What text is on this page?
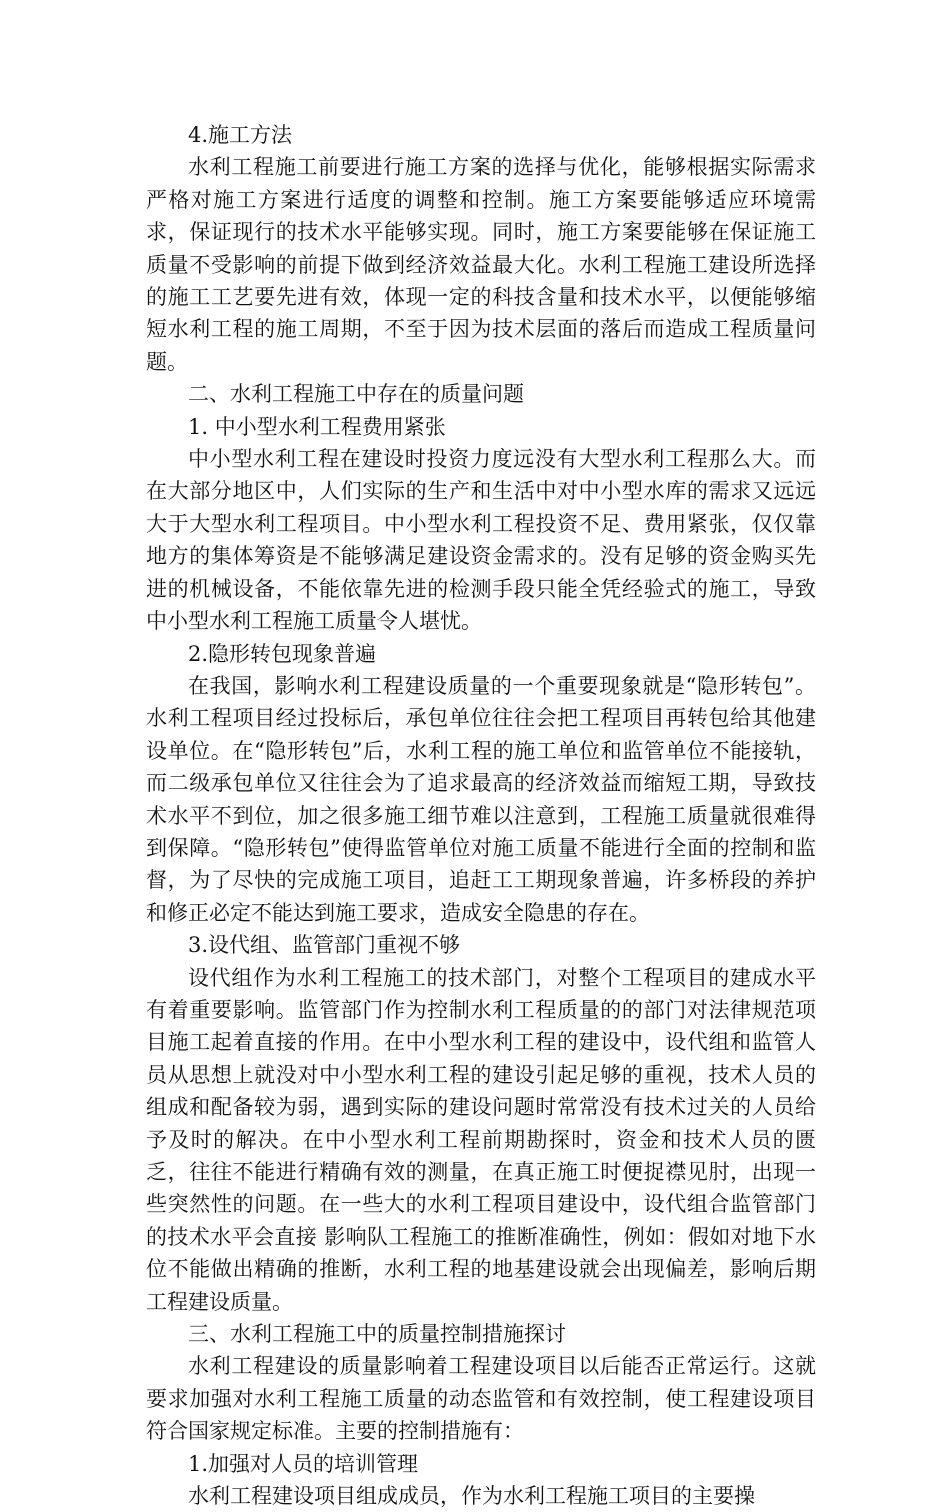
4.施工方法

水利工程施工前要进行施工方案的选择与优化，能够根据实际需求严格对施工方案进行适度的调整和控制。施工方案要能够适应环境需求，保证现行的技术水平能够实现。同时，施工方案要能够在保证施工质量不受影响的前提下做到经济效益最大化。水利工程施工建设所选择的施工工艺要先进有效，体现一定的科技含量和技术水平，以便能够缩短水利工程的施工周期，不至于因为技术层面的落后而造成工程质量问题。

二、水利工程施工中存在的质量问题

1. 中小型水利工程费用紧张

中小型水利工程在建设时投资力度远没有大型水利工程那么大。而在大部分地区中，人们实际的生产和生活中对中小型水库的需求又远远大于大型水利工程项目。中小型水利工程投资不足、费用紧张，仅仅靠地方的集体筹资是不能够满足建设资金需求的。没有足够的资金购买先进的机械设备，不能依靠先进的检测手段只能全凭经验式的施工，导致中小型水利工程施工质量令人堪忧。

2.隐形转包现象普遍

在我国，影响水利工程建设质量的一个重要现象就是“隐形转包”。水利工程项目经过投标后，承包单位往往会把工程项目再转包给其他建设单位。在“隐形转包”后，水利工程的施工单位和监管单位不能接轨，而二级承包单位又往往会为了追求最高的经济效益而缩短工期，导致技术水平不到位，加之很多施工细节难以注意到，工程施工质量就很难得到保障。“隐形转包”使得监管单位对施工质量不能进行全面的控制和监督，为了尽快的完成施工项目，追赶工工期现象普遍，许多桥段的养护和修正必定不能达到施工要求，造成安全隐患的存在。

3.设代组、监管部门重视不够

设代组作为水利工程施工的技术部门，对整个工程项目的建成水平有着重要影响。监管部门作为控制水利工程质量的的部门对法律规范项目施工起着直接的作用。在中小型水利工程的建设中，设代组和监管人员从思想上就没对中小型水利工程的建设引起足够的重视，技术人员的组成和配备较为弱，遇到实际的建设问题时常常没有技术过关的人员给予及时的解决。在中小型水利工程前期勘探时，资金和技术人员的匮乏，往往不能进行精确有效的测量，在真正施工时便捉襟见肘，出现一些突然性的问题。在一些大的水利工程项目建设中，设代组合监管部门的技术水平会直接 影响队工程施工的推断准确性，例如：假如对地下水位不能做出精确的推断，水利工程的地基建设就会出现偏差，影响后期工程建设质量。

三、水利工程施工中的质量控制措施探讨

水利工程建设的质量影响着工程建设项目以后能否正常运行。这就要求加强对水利工程施工质量的动态监管和有效控制，使工程建设项目符合国家规定标准。主要的控制措施有：

1.加强对人员的培训管理

水利工程建设项目组成成员，作为水利工程施工项目的主要操
